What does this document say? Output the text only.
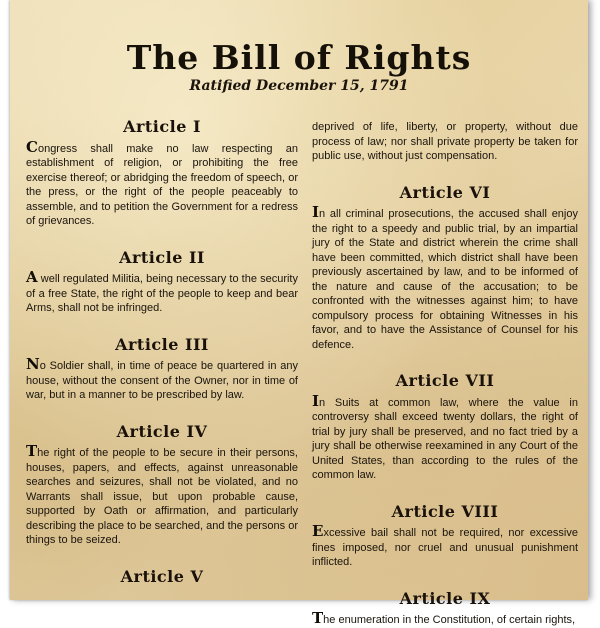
The Bill of Rights
Ratified December 15, 1791
Article I

Congress shall make no law respecting an establishment of religion, or prohibiting the free exercise thereof; or abridging the freedom of speech, or the press, or the right of the people peaceably to assemble, and to petition the Government for a redress of grievances.

Article II

A well regulated Militia, being necessary to the security of a free State, the right of the people to keep and bear Arms, shall not be infringed.

Article III

No Soldier shall, in time of peace be quartered in any house, without the consent of the Owner, nor in time of war, but in a manner to be prescribed by law.

Article IV

The right of the people to be secure in their persons, houses, papers, and effects, against unreasonable searches and seizures, shall not be violated, and no Warrants shall issue, but upon probable cause, supported by Oath or affirmation, and particularly describing the place to be searched, and the persons or things to be seized.

Article V

deprived of life, liberty, or property, without due process of law; nor shall private property be taken for public use, without just compensation.

Article VI

In all criminal prosecutions, the accused shall enjoy the right to a speedy and public trial, by an impartial jury of the State and district wherein the crime shall have been committed, which district shall have been previously ascertained by law, and to be informed of the nature and cause of the accusation; to be confronted with the witnesses against him; to have compulsory process for obtaining Witnesses in his favor, and to have the Assistance of Counsel for his defence.

Article VII

In Suits at common law, where the value in controversy shall exceed twenty dollars, the right of trial by jury shall be preserved, and no fact tried by a jury shall be otherwise reexamined in any Court of the United States, than according to the rules of the common law.

Article VIII

Excessive bail shall not be required, nor excessive fines imposed, nor cruel and unusual punishment inflicted.

Article IX

The enumeration in the Constitution, of certain rights,
